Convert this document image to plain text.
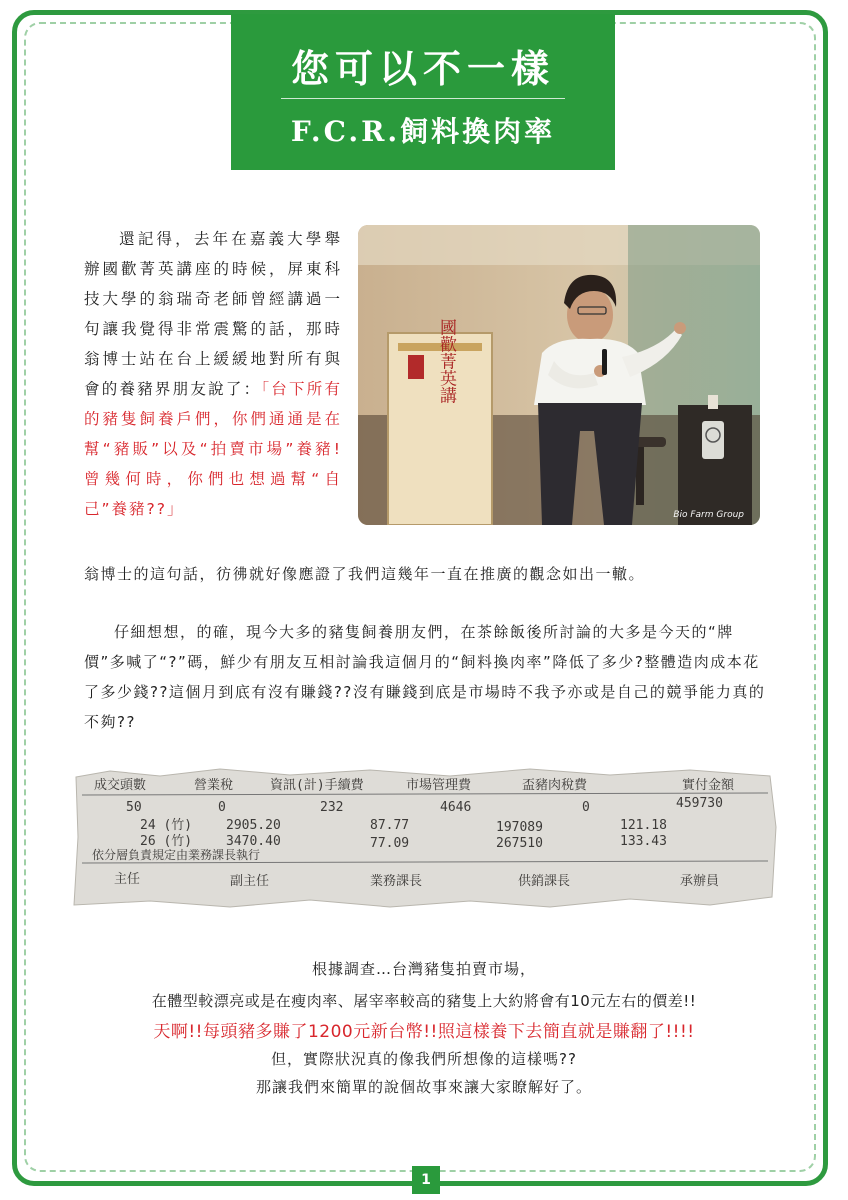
您可以不一樣
F.C.R.飼料換肉率

還記得，去年在嘉義大學舉辦國歡菁英講座的時候，屏東科技大學的翁瑞奇老師曾經講過一句讓我覺得非常震驚的話，那時翁博士站在台上緩緩地對所有與會的養豬界朋友說了：「台下所有的豬隻飼養戶們，你們通通是在幫“豬販”以及“拍賣市場”養豬!曾幾何時，你們也想過幫“自己”養豬??」

國歡菁英講
Bio Farm Group

翁博士的這句話，彷彿就好像應證了我們這幾年一直在推廣的觀念如出一轍。

仔細想想，的確，現今大多的豬隻飼養朋友們，在茶餘飯後所討論的大多是今天的“牌價”多喊了“?”碼，鮮少有朋友互相討論我這個月的“飼料換肉率”降低了多少?整體造肉成本花了多少錢??這個月到底有沒有賺錢??沒有賺錢到底是市場時不我予亦或是自己的競爭能力真的不夠??

成交頭數	營業稅	資訊(計)手續費	市場管理費	盃豬肉稅費	實付金額
50	0	232	4646	0	459730
24 (竹)	2905.20	87.77	197089	121.18
26 (竹)	3470.40	77.09	267510	133.43
依分層負責規定由業務課長執行
主任	副主任	業務課長	供銷課長	承辦員

根據調查…台灣豬隻拍賣市場，

在體型較漂亮或是在瘦肉率、屠宰率較高的豬隻上大約將會有10元左右的價差!!

天啊!!每頭豬多賺了1200元新台幣!!照這樣養下去簡直就是賺翻了!!!!

但，實際狀況真的像我們所想像的這樣嗎??

那讓我們來簡單的說個故事來讓大家瞭解好了。

1
